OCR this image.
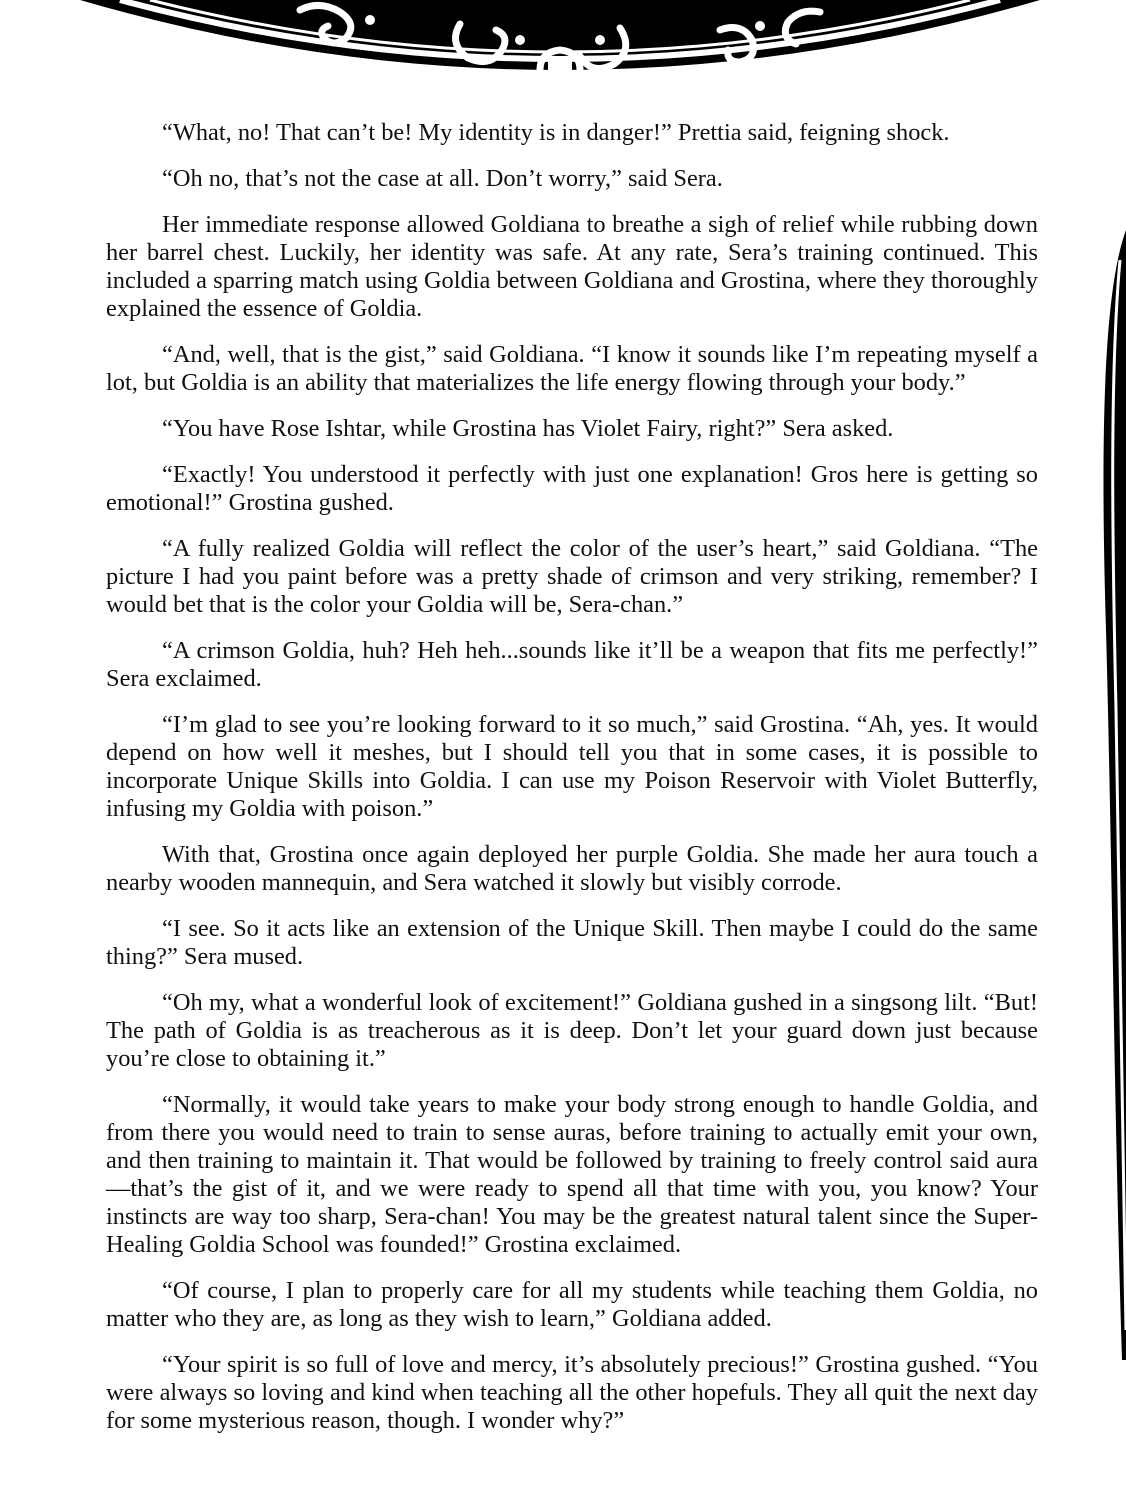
“What, no! That can’t be! My identity is in danger!” Prettia said, feigning shock.

“Oh no, that’s not the case at all. Don’t worry,” said Sera.

Her immediate response allowed Goldiana to breathe a sigh of relief while rubbing down her barrel chest. Luckily, her identity was safe. At any rate, Sera’s training continued. This included a sparring match using Goldia between Goldiana and Grostina, where they thoroughly explained the essence of Goldia.

“And, well, that is the gist,” said Goldiana. “I know it sounds like I’m repeating myself a lot, but Goldia is an ability that materializes the life energy flowing through your body.”

“You have Rose Ishtar, while Grostina has Violet Fairy, right?” Sera asked.

“Exactly! You understood it perfectly with just one explanation! Gros here is getting so emotional!” Grostina gushed.

“A fully realized Goldia will reflect the color of the user’s heart,” said Goldiana. “The picture I had you paint before was a pretty shade of crimson and very striking, remember? I would bet that is the color your Goldia will be, Sera-chan.”

“A crimson Goldia, huh? Heh heh...sounds like it’ll be a weapon that fits me perfectly!” Sera exclaimed.

“I’m glad to see you’re looking forward to it so much,” said Grostina. “Ah, yes. It would depend on how well it meshes, but I should tell you that in some cases, it is possible to incorporate Unique Skills into Goldia. I can use my Poison Reservoir with Violet Butterfly, infusing my Goldia with poison.”

With that, Grostina once again deployed her purple Goldia. She made her aura touch a nearby wooden mannequin, and Sera watched it slowly but visibly corrode.

“I see. So it acts like an extension of the Unique Skill. Then maybe I could do the same thing?” Sera mused.

“Oh my, what a wonderful look of excitement!” Goldiana gushed in a singsong lilt. “But! The path of Goldia is as treacherous as it is deep. Don’t let your guard down just because you’re close to obtaining it.”

“Normally, it would take years to make your body strong enough to handle Goldia, and from there you would need to train to sense auras, before training to actually emit your own, and then training to maintain it. That would be followed by training to freely control said aura—that’s the gist of it, and we were ready to spend all that time with you, you know? Your instincts are way too sharp, Sera-chan! You may be the greatest natural talent since the Super-Healing Goldia School was founded!” Grostina exclaimed.

“Of course, I plan to properly care for all my students while teaching them Goldia, no matter who they are, as long as they wish to learn,” Goldiana added.

“Your spirit is so full of love and mercy, it’s absolutely precious!” Grostina gushed. “You were always so loving and kind when teaching all the other hopefuls. They all quit the next day for some mysterious reason, though. I wonder why?”
